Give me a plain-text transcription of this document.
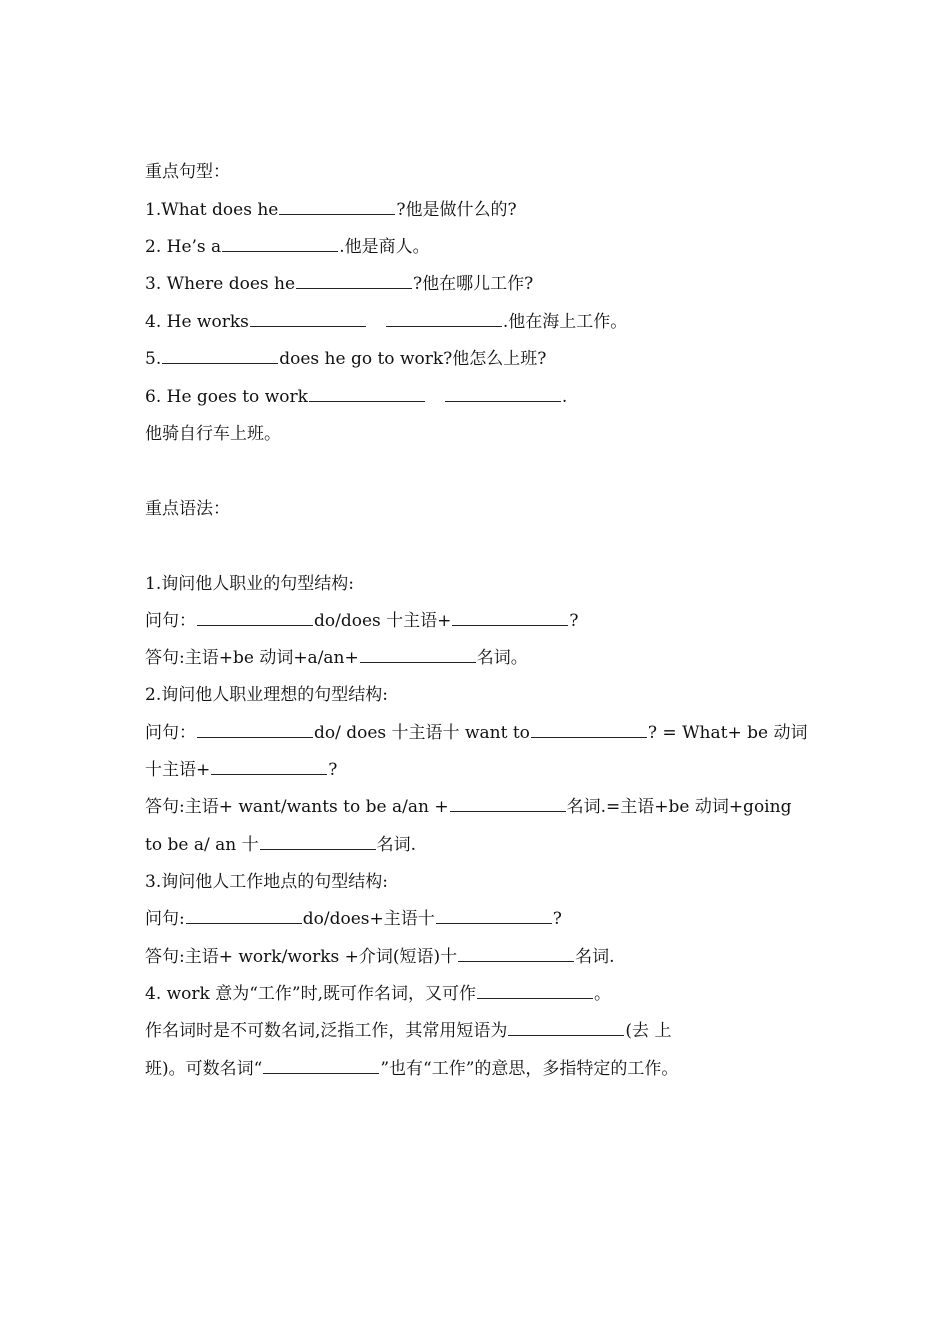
重点句型：
1.What does he	?他是做什么的?
2. He’s a	.他是商人。
3. Where does he	?他在哪儿工作?
4. He works	.他在海上工作。
5.	does he go to work?他怎么上班?
6. He goes to work	.
他骑自行车上班。
重点语法：
1.询问他人职业的句型结构:
问句：	do/does 十主语+	?
答句:主语+be 动词+a/an+	名词。
2.询问他人职业理想的句型结构:
问句：	do/ does 十主语十 want to	? = What+ be 动词
十主语+	?
答句:主语+ want/wants to be a/an +	名词.=主语+be 动词+going
to be a/ an 十	名词.
3.询问他人工作地点的句型结构:
问句:	do/does+主语十	?
答句:主语+ work/works +介词(短语)十	名词.
4. work 意为“工作”时,既可作名词，又可作	。
作名词时是不可数名词,泛指工作，其常用短语为	(去 上
班)。可数名词“	”也有“工作”的意思，多指特定的工作。
